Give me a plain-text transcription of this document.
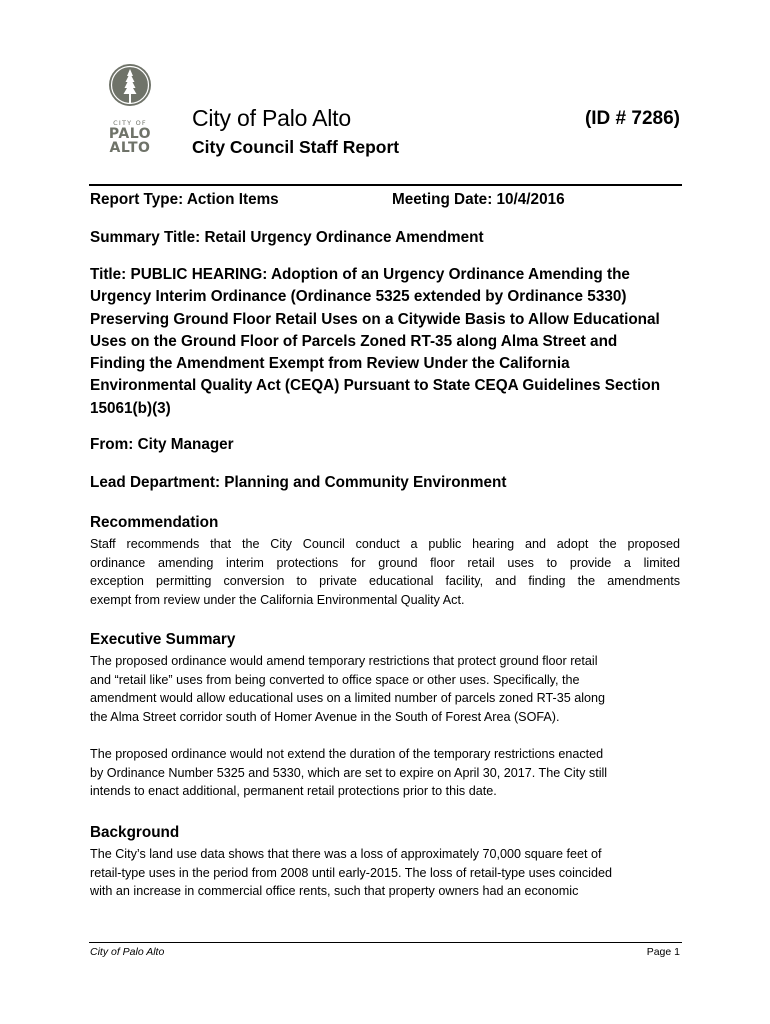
CITY OF
PALO
ALTO
City of Palo Alto	(ID # 7286)
City Council Staff Report
Report Type: Action Items	Meeting Date: 10/4/2016
Summary Title: Retail Urgency Ordinance Amendment
Title: PUBLIC HEARING: Adoption of an Urgency Ordinance Amending the
Urgency Interim Ordinance (Ordinance 5325 extended by Ordinance 5330)
Preserving Ground Floor Retail Uses on a Citywide Basis to Allow Educational
Uses on the Ground Floor of Parcels Zoned RT-35 along Alma Street and
Finding the Amendment Exempt from Review Under the California
Environmental Quality Act (CEQA) Pursuant to State CEQA Guidelines Section
15061(b)(3)
From: City Manager
Lead Department: Planning and Community Environment
Recommendation
Staff recommends that the City Council conduct a public hearing and adopt the proposed
ordinance amending interim protections for ground floor retail uses to provide a limited
exception permitting conversion to private educational facility, and finding the amendments
exempt from review under the California Environmental Quality Act.
Executive Summary
The proposed ordinance would amend temporary restrictions that protect ground floor retail
and “retail like” uses from being converted to office space or other uses. Specifically, the
amendment would allow educational uses on a limited number of parcels zoned RT-35 along
the Alma Street corridor south of Homer Avenue in the South of Forest Area (SOFA).
The proposed ordinance would not extend the duration of the temporary restrictions enacted
by Ordinance Number 5325 and 5330, which are set to expire on April 30, 2017. The City still
intends to enact additional, permanent retail protections prior to this date.
Background
The City’s land use data shows that there was a loss of approximately 70,000 square feet of
retail-type uses in the period from 2008 until early-2015. The loss of retail-type uses coincided
with an increase in commercial office rents, such that property owners had an economic
City of Palo Alto	Page 1
